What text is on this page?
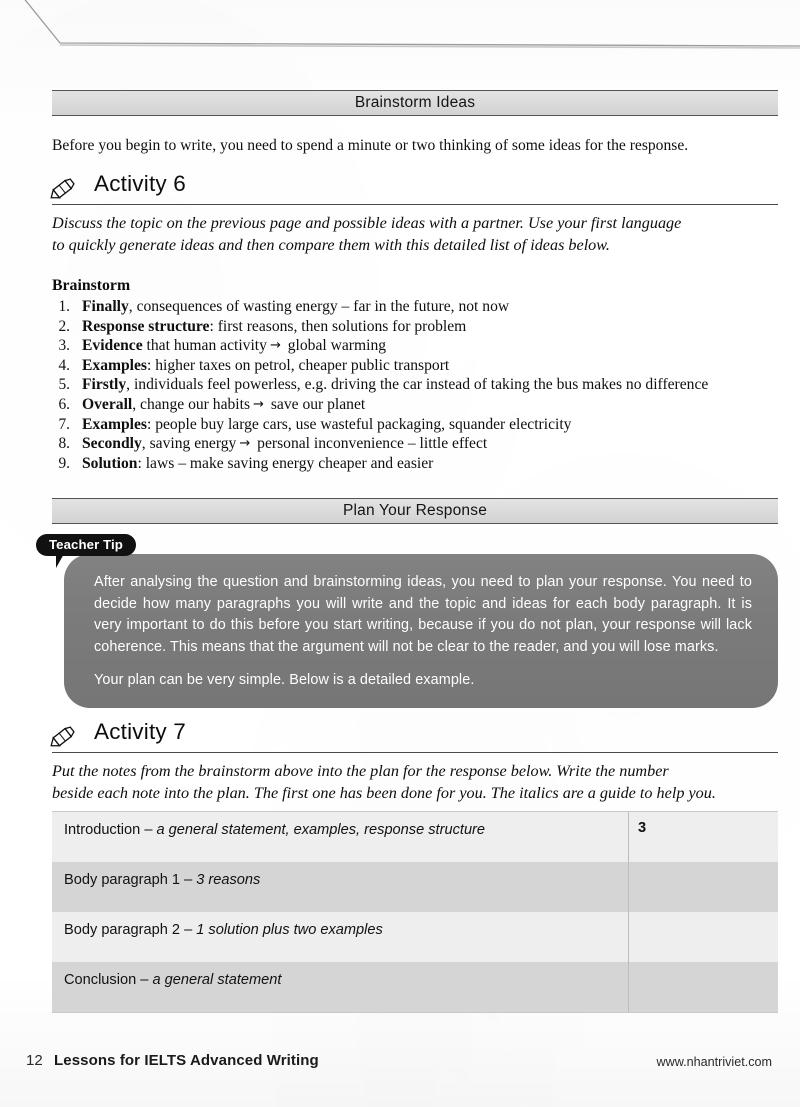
Brainstorm Ideas
Before you begin to write, you need to spend a minute or two thinking of some ideas for the response.
Activity 6
Discuss the topic on the previous page and possible ideas with a partner. Use your first language
to quickly generate ideas and then compare them with this detailed list of ideas below.
Brainstorm
1. Finally, consequences of wasting energy – far in the future, not now
2. Response structure: first reasons, then solutions for problem
3. Evidence that human activity → global warming
4. Examples: higher taxes on petrol, cheaper public transport
5. Firstly, individuals feel powerless, e.g. driving the car instead of taking the bus makes no difference
6. Overall, change our habits → save our planet
7. Examples: people buy large cars, use wasteful packaging, squander electricity
8. Secondly, saving energy → personal inconvenience – little effect
9. Solution: laws – make saving energy cheaper and easier
Plan Your Response

After analysing the question and brainstorming ideas, you need to plan your response. You need to decide how many paragraphs you will write and the topic and ideas for each body paragraph. It is very important to do this before you start writing, because if you do not plan, your response will lack coherence. This means that the argument will not be clear to the reader, and you will lose marks.

Your plan can be very simple. Below is a detailed example.

Teacher Tip
Activity 7
Put the notes from the brainstorm above into the plan for the response below. Write the number
beside each note into the plan. The first one has been done for you. The italics are a guide to help you.
Introduction – a general statement, examples, response structure	3
Body paragraph 1 – 3 reasons
Body paragraph 2 – 1 solution plus two examples
Conclusion – a general statement
12 Lessons for IELTS Advanced Writing	www.nhantriviet.com
